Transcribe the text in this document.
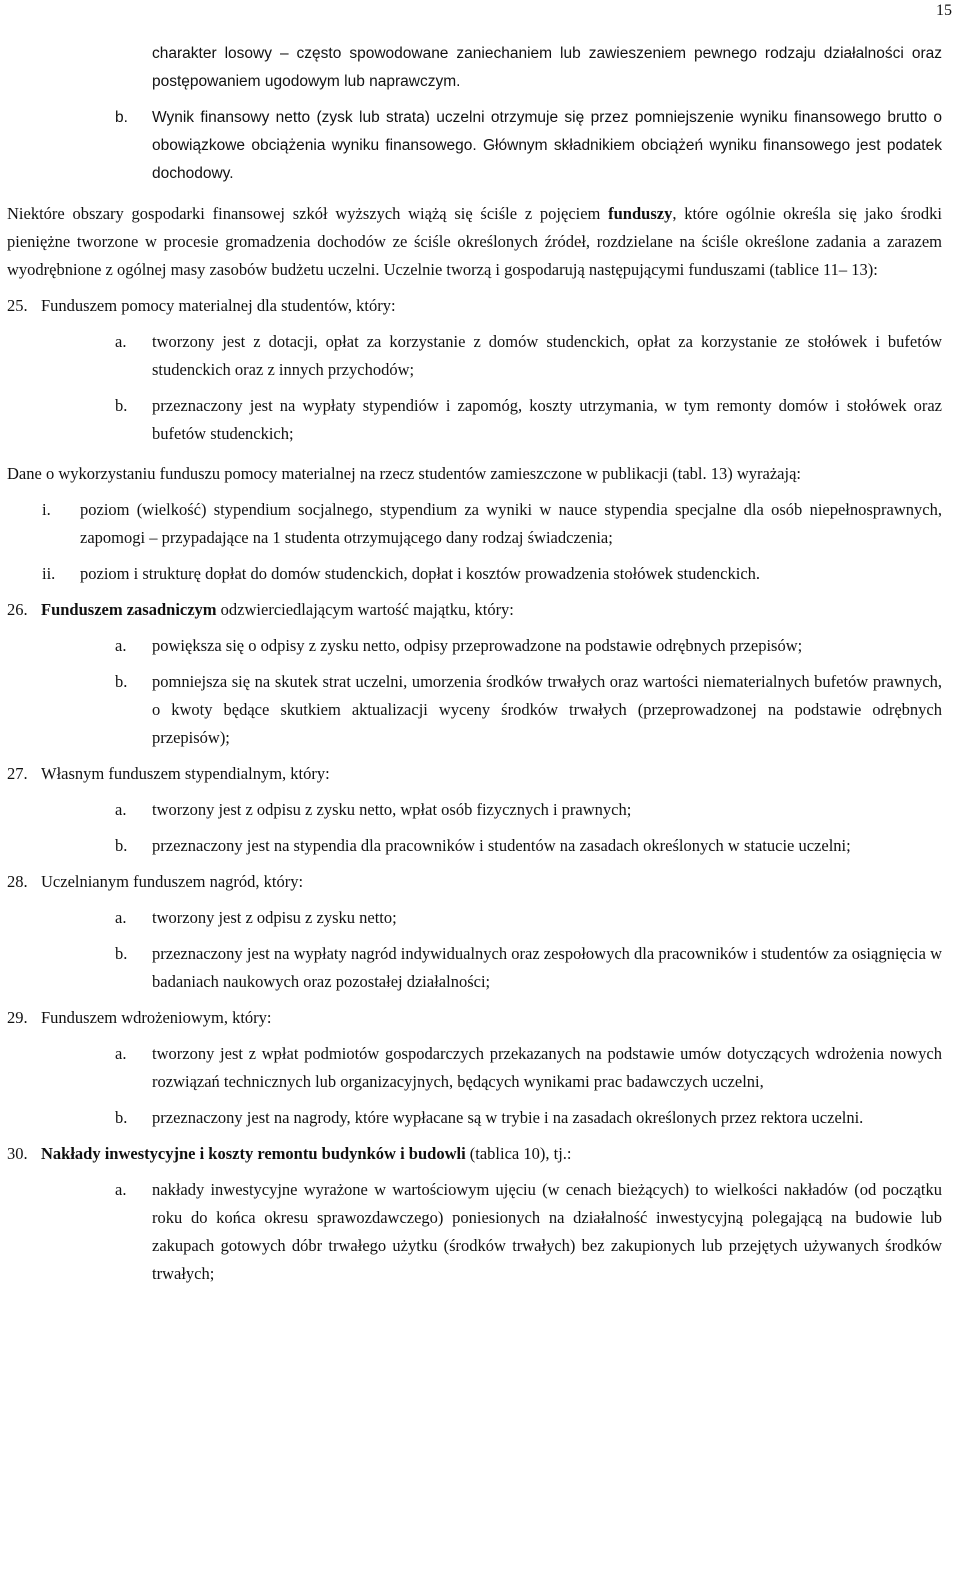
15
charakter losowy – często spowodowane zaniechaniem lub zawieszeniem pewnego rodzaju działalności oraz postępowaniem ugodowym lub naprawczym.
b. Wynik finansowy netto (zysk lub strata) uczelni otrzymuje się przez pomniejszenie wyniku finansowego brutto o obowiązkowe obciążenia wyniku finansowego. Głównym składnikiem obciążeń wyniku finansowego jest podatek dochodowy.
Niektóre obszary gospodarki finansowej szkół wyższych wiążą się ściśle z pojęciem funduszy, które ogólnie określa się jako środki pieniężne tworzone w procesie gromadzenia dochodów ze ściśle określonych źródeł, rozdzielane na ściśle określone zadania a zarazem wyodrębnione z ogólnej masy zasobów budżetu uczelni. Uczelnie tworzą i gospodarują następującymi funduszami (tablice 11– 13):
25. Funduszem pomocy materialnej dla studentów, który:
a. tworzony jest z dotacji, opłat za korzystanie z domów studenckich, opłat za korzystanie ze stołówek i bufetów studenckich oraz z innych przychodów;
b. przeznaczony jest na wypłaty stypendiów i zapomóg, koszty utrzymania, w tym remonty domów i stołówek oraz bufetów studenckich;
Dane o wykorzystaniu funduszu pomocy materialnej na rzecz studentów zamieszczone w publikacji (tabl. 13) wyrażają:
i. poziom (wielkość) stypendium socjalnego, stypendium za wyniki w nauce stypendia specjalne dla osób niepełnosprawnych, zapomogi – przypadające na 1 studenta otrzymującego dany rodzaj świadczenia;
ii. poziom i strukturę dopłat do domów studenckich, dopłat i kosztów prowadzenia stołówek studenckich.
26. Funduszem zasadniczym odzwierciedlającym wartość majątku, który:
a. powiększa się o odpisy z zysku netto, odpisy przeprowadzone na podstawie odrębnych przepisów;
b. pomniejsza się na skutek strat uczelni, umorzenia środków trwałych oraz wartości niematerialnych bufetów prawnych, o kwoty będące skutkiem aktualizacji wyceny środków trwałych (przeprowadzonej na podstawie odrębnych przepisów);
27. Własnym funduszem stypendialnym, który:
a. tworzony jest z odpisu z zysku netto, wpłat osób fizycznych i prawnych;
b. przeznaczony jest na stypendia dla pracowników i studentów na zasadach określonych w statucie uczelni;
28. Uczelnianym funduszem nagród, który:
a. tworzony jest z odpisu z zysku netto;
b. przeznaczony jest na wypłaty nagród indywidualnych oraz zespołowych dla pracowników i studentów za osiągnięcia w badaniach naukowych oraz pozostałej działalności;
29. Funduszem wdrożeniowym, który:
a. tworzony jest z wpłat podmiotów gospodarczych przekazanych na podstawie umów dotyczących wdrożenia nowych rozwiązań technicznych lub organizacyjnych, będących wynikami prac badawczych uczelni,
b. przeznaczony jest na nagrody, które wypłacane są w trybie i na zasadach określonych przez rektora uczelni.
30. Nakłady inwestycyjne i koszty remontu budynków i budowli (tablica 10), tj.:
a. nakłady inwestycyjne wyrażone w wartościowym ujęciu (w cenach bieżących) to wielkości nakładów (od początku roku do końca okresu sprawozdawczego) poniesionych na działalność inwestycyjną polegającą na budowie lub zakupach gotowych dóbr trwałego użytku (środków trwałych) bez zakupionych lub przejętych używanych środków trwałych;
